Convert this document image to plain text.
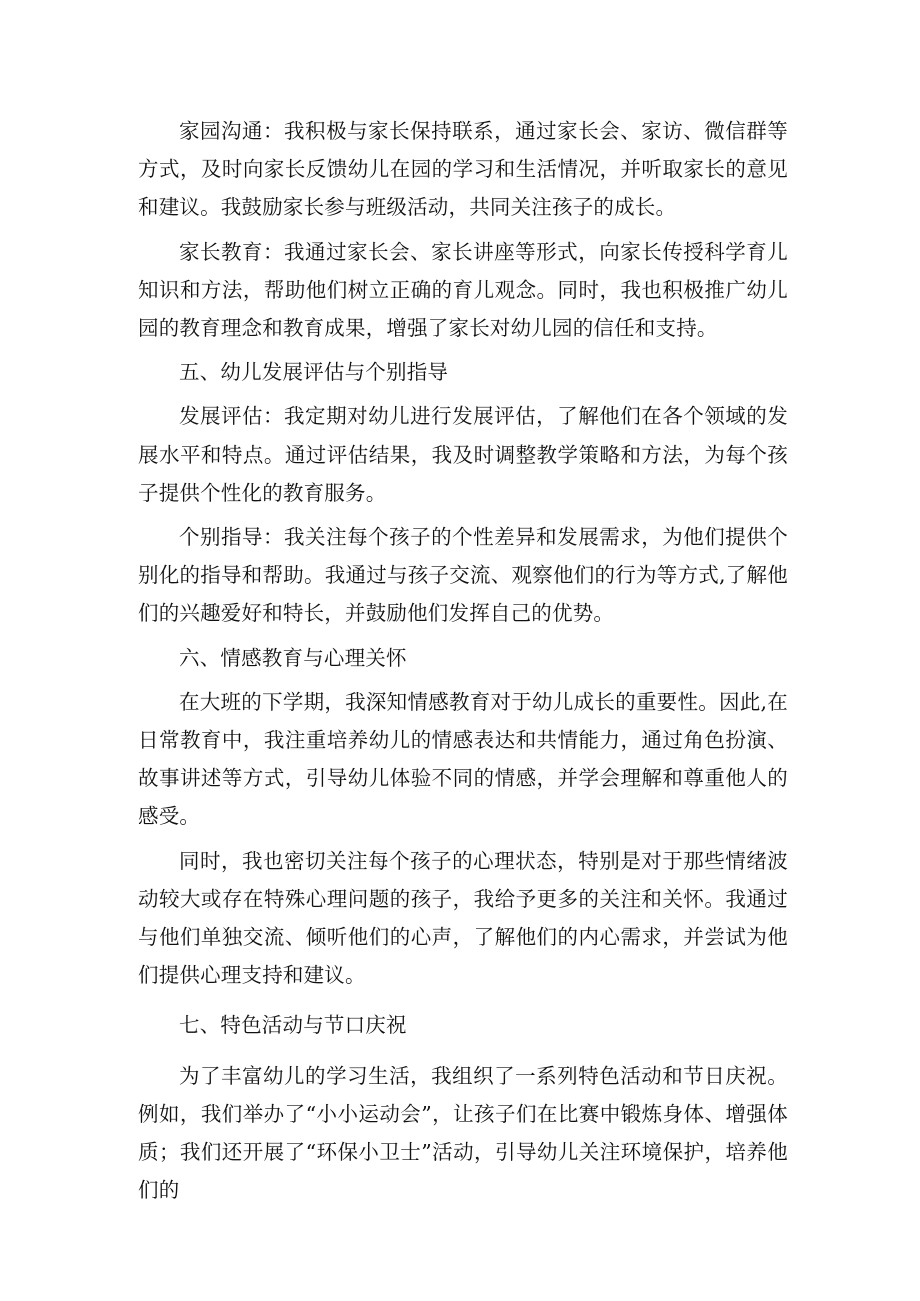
家园沟通：我积极与家长保持联系，通过家长会、家访、微信群等方式，及时向家长反馈幼儿在园的学习和生活情况，并听取家长的意见和建议。我鼓励家长参与班级活动，共同关注孩子的成长。

家长教育：我通过家长会、家长讲座等形式，向家长传授科学育儿知识和方法，帮助他们树立正确的育儿观念。同时，我也积极推广幼儿园的教育理念和教育成果，增强了家长对幼儿园的信任和支持。

五、幼儿发展评估与个别指导

发展评估：我定期对幼儿进行发展评估，了解他们在各个领域的发展水平和特点。通过评估结果，我及时调整教学策略和方法，为每个孩子提供个性化的教育服务。

个别指导：我关注每个孩子的个性差异和发展需求，为他们提供个别化的指导和帮助。我通过与孩子交流、观察他们的行为等方式,了解他们的兴趣爱好和特长，并鼓励他们发挥自己的优势。

六、情感教育与心理关怀

在大班的下学期，我深知情感教育对于幼儿成长的重要性。因此,在日常教育中，我注重培养幼儿的情感表达和共情能力，通过角色扮演、故事讲述等方式，引导幼儿体验不同的情感，并学会理解和尊重他人的感受。

同时，我也密切关注每个孩子的心理状态，特别是对于那些情绪波动较大或存在特殊心理问题的孩子，我给予更多的关注和关怀。我通过与他们单独交流、倾听他们的心声，了解他们的内心需求，并尝试为他们提供心理支持和建议。

七、特色活动与节口庆祝

为了丰富幼儿的学习生活，我组织了一系列特色活动和节日庆祝。例如，我们举办了“小小运动会”，让孩子们在比赛中锻炼身体、增强体质；我们还开展了“环保小卫士”活动，引导幼儿关注环境保护，培养他们的
